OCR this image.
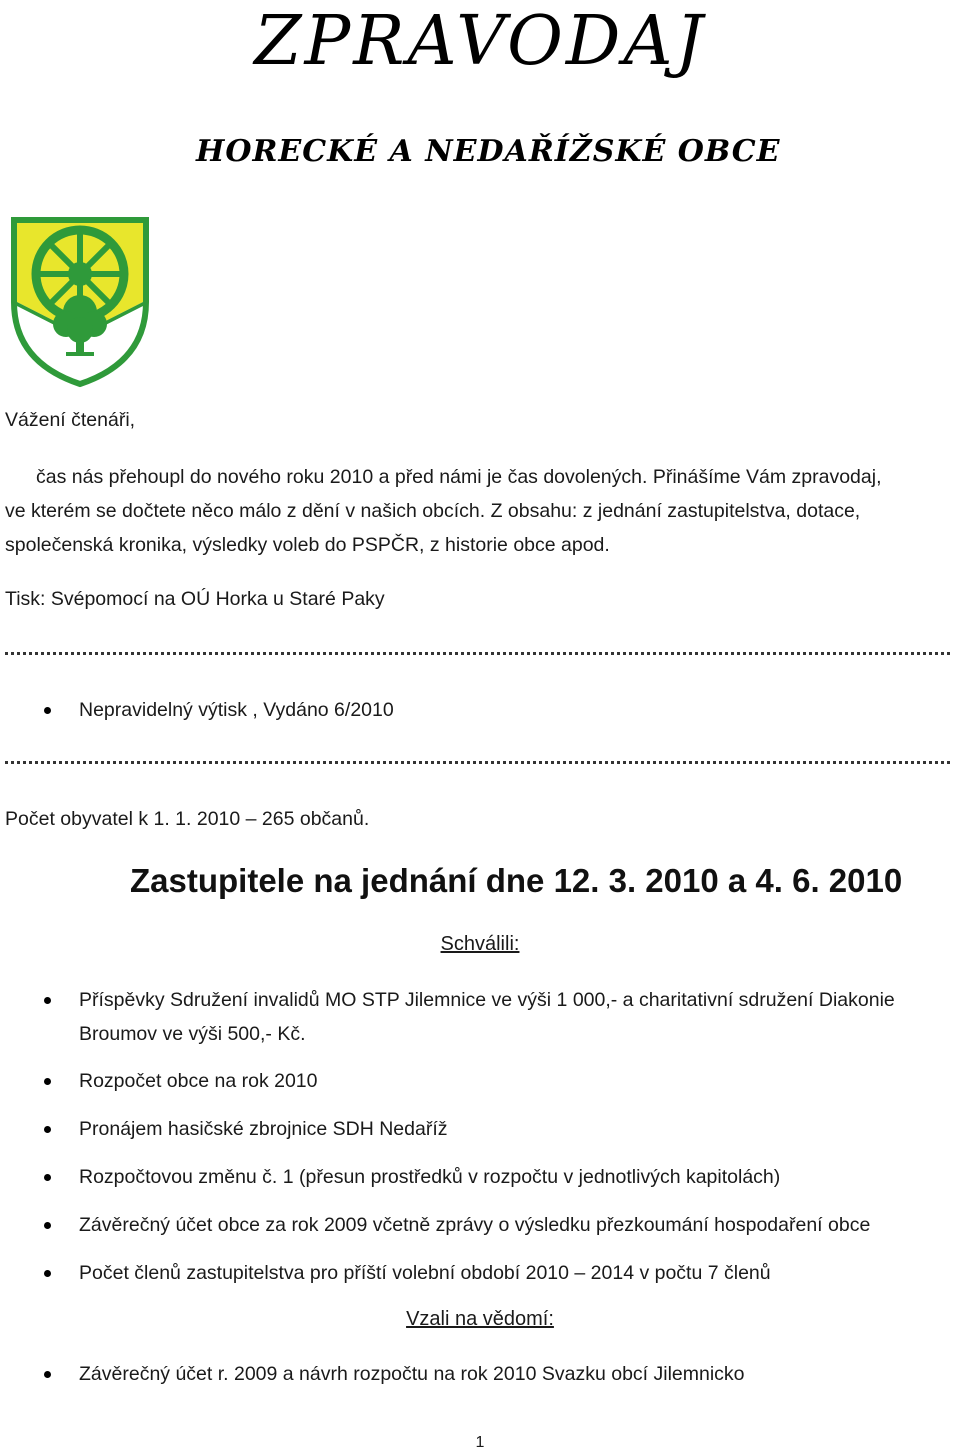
ZPRAVODAJ
HORECKÉ A NEDAŘÍŽSKÉ OBCE

Vážení čtenáři,

čas nás přehoupl do nového roku 2010 a před námi je čas dovolených. Přinášíme Vám zpravodaj,

ve kterém se dočtete něco málo z dění v našich obcích. Z obsahu: z jednání zastupitelstva, dotace,

společenská kronika, výsledky voleb do PSPČR, z historie obce apod.

Tisk: Svépomocí na OÚ Horka u Staré Paky

Nepravidelný výtisk , Vydáno 6/2010

Počet obyvatel k 1. 1. 2010 – 265 občanů.

Zastupitele na jednání dne 12. 3. 2010 a 4. 6. 2010
Schválili:
Příspěvky Sdružení invalidů MO STP Jilemnice ve výši 1 000,- a charitativní sdružení Diakonie Broumov ve výši 500,- Kč.
Rozpočet obce na rok 2010
Pronájem hasičské zbrojnice SDH Nedaříž
Rozpočtovou změnu č. 1 (přesun prostředků v rozpočtu v jednotlivých kapitolách)
Závěrečný účet obce za rok 2009 včetně zprávy o výsledku přezkoumání hospodaření obce
Počet členů zastupitelstva pro příští volební období 2010 – 2014 v počtu 7 členů
Vzali na vědomí:
Závěrečný účet r. 2009 a návrh rozpočtu na rok 2010 Svazku obcí Jilemnicko
1
